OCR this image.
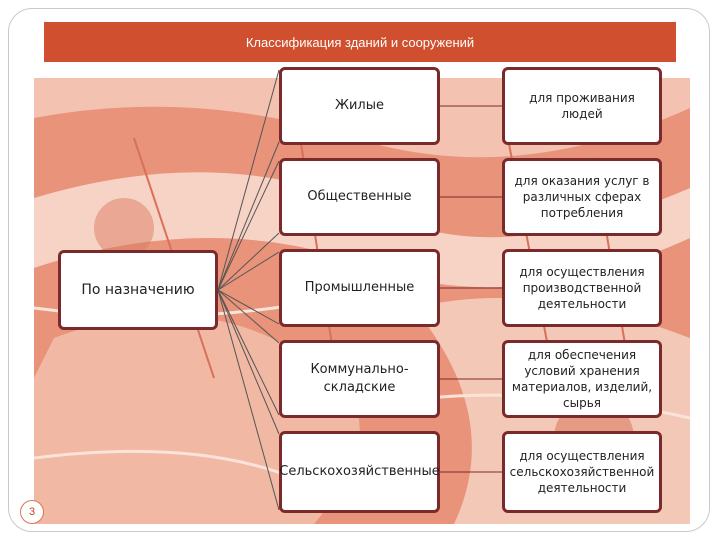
Классификация зданий и сооружений
По назначению
Жилые
для проживания людей
Общественные
для оказания услуг в различных сферах потребления
Промышленные
для осуществления производственной деятельности
Коммунально-складские
для обеспечения условий хранения материалов, изделий, сырья
Сельскохозяйственные
для осуществления сельскохозяйственной деятельности
3
